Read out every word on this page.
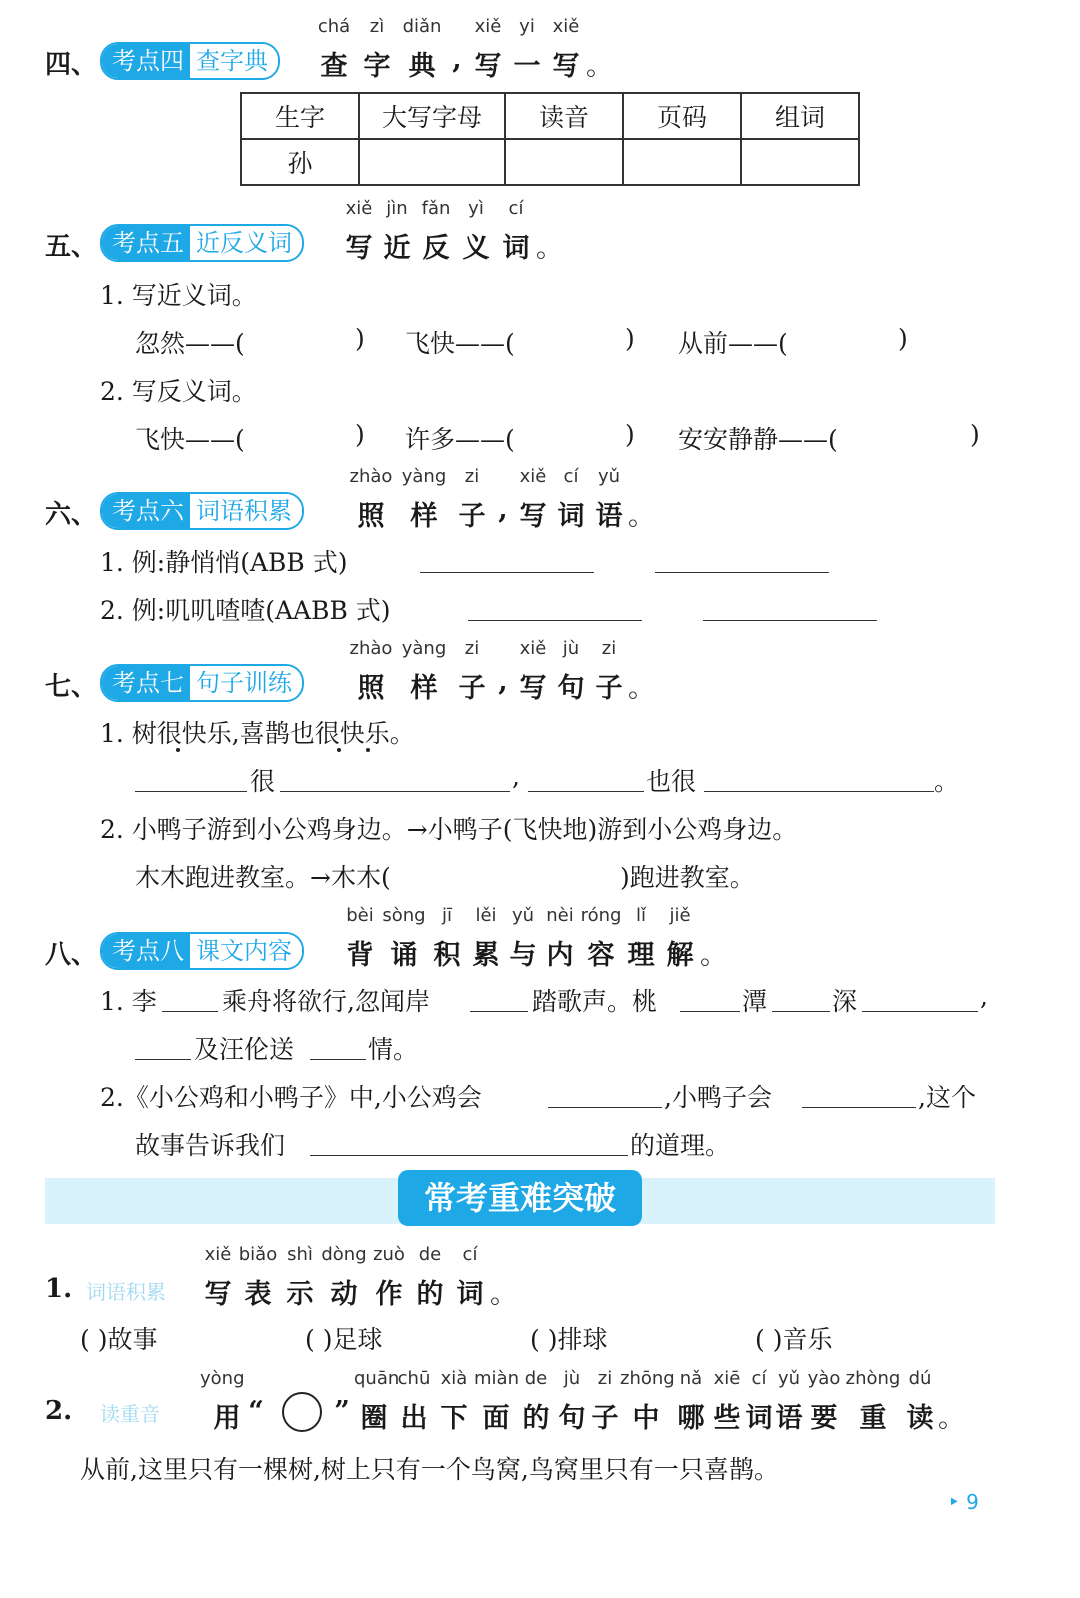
四、 考点四 查字典
chá	zì	diǎn	xiě yi xiě
查 字 典 , 写 一 写 。
生字	大写字母	读音	页码	组词
孙				
五、 考点五 近反义词
xiě jìn fǎn yì	cí
写 近 反 义 词 。
1. 写近义词。
忽然——(	) 飞快——(	) 从前——(	)
2. 写反义词。
飞快——(	) 许多——(	) 安安静静——(	)
六、 考点六 词语积累
zhào yàng	zi	xiě cí	yǔ
照 样 子 , 写 词 语 。
1. 例:静悄悄(ABB 式)
2. 例:叽叽喳喳(AABB 式)
七、 考点七 句子训练
zhào yàng	zi	xiě jù	zi
照 样 子 , 写 句 子 。
1. 树很快乐,喜鹊也很快乐。
很	,	也很	。
2. 小鸭子游到小公鸡身边。→小鸭子(飞快地)游到小公鸡身边。
木木跑进教室。→木木(	)跑进教室。
八、 考点八 课文内容
bèi sòng jī	lěi yǔ nèi róng lǐ	jiě
背 诵 积 累 与 内 容 理 解 。
1. 李	乘舟将欲行,忽闻岸	踏歌声。桃	潭	深	,
及汪伦送	情。
2.《小公鸡和小鸭子》中,小公鸡会	,小鸭子会	,这个
故事告诉我们	的道理。
常考重难突破
1. 词语积累
xiě biǎo shì dòng zuò de	cí
写 表 示 动 作 的 词 。
( )故事	( )足球	( )排球	( )音乐
2. 读重音
yòng
用 “	”
quān
chū xià miàn de jù zi zhōng nǎ xiē cí yǔ yào zhòng dú
圈 出 下 面 的 句 子 中 哪 些 词 语 要 重 读 。
从前,这里只有一棵树,树上只有一个鸟窝,鸟窝里只有一只喜鹊。
‣ 9
